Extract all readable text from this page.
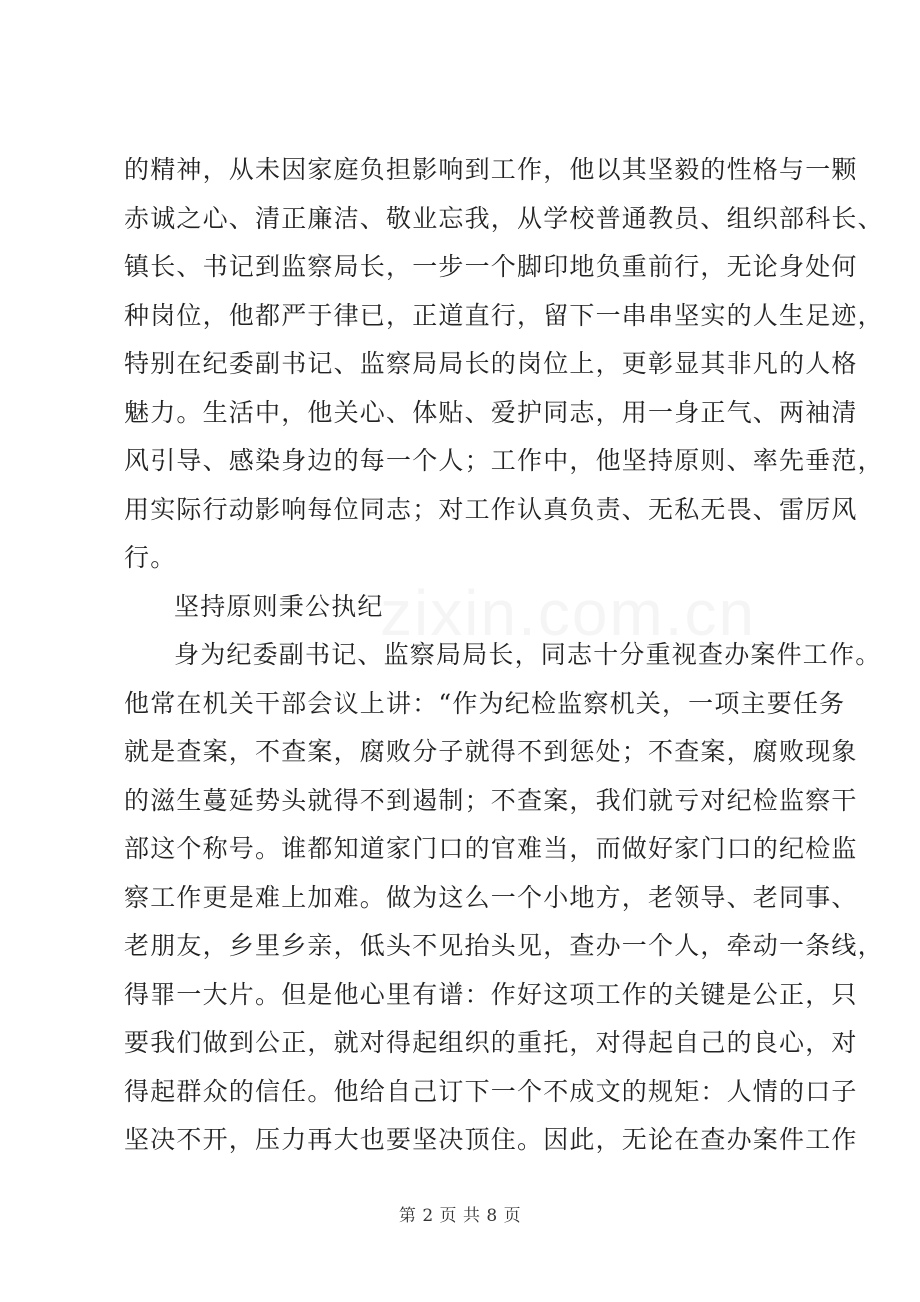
的精神，从未因家庭负担影响到工作，他以其坚毅的性格与一颗
赤诚之心、清正廉洁、敬业忘我，从学校普通教员、组织部科长、
镇长、书记到监察局长，一步一个脚印地负重前行，无论身处何
种岗位，他都严于律已，正道直行，留下一串串坚实的人生足迹，
特别在纪委副书记、监察局局长的岗位上，更彰显其非凡的人格
魅力。生活中，他关心、体贴、爱护同志，用一身正气、两袖清
风引导、感染身边的每一个人；工作中，他坚持原则、率先垂范，
用实际行动影响每位同志；对工作认真负责、无私无畏、雷厉风
行。
坚持原则秉公执纪
身为纪委副书记、监察局局长，同志十分重视查办案件工作。
他常在机关干部会议上讲：“作为纪检监察机关，一项主要任务
就是查案，不查案，腐败分子就得不到惩处；不查案，腐败现象
的滋生蔓延势头就得不到遏制；不查案，我们就亏对纪检监察干
部这个称号。谁都知道家门口的官难当，而做好家门口的纪检监
察工作更是难上加难。做为这么一个小地方，老领导、老同事、
老朋友，乡里乡亲，低头不见抬头见，查办一个人，牵动一条线，
得罪一大片。但是他心里有谱：作好这项工作的关键是公正，只
要我们做到公正，就对得起组织的重托，对得起自己的良心，对
得起群众的信任。他给自己订下一个不成文的规矩：人情的口子
坚决不开，压力再大也要坚决顶住。因此，无论在查办案件工作
zixin.com.cn
第 2 页 共 8 页
